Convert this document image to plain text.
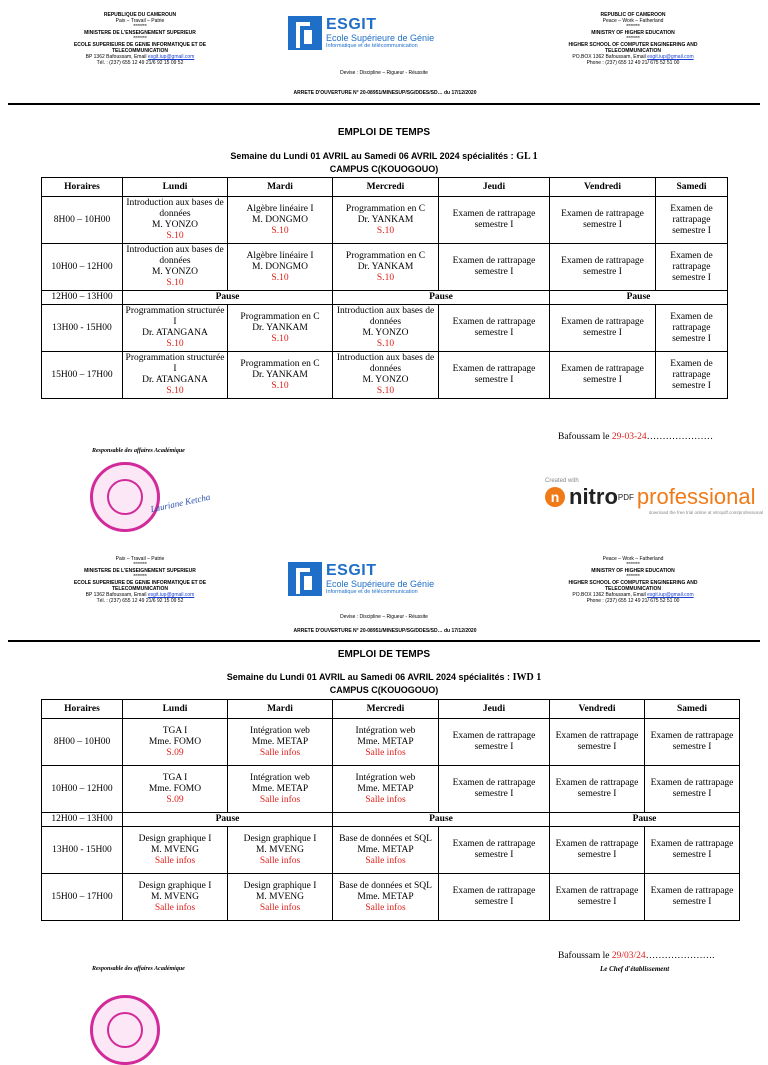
REPUBLIQUE DU CAMEROUN
Paix – Travail – Patrie
*******
MINISTERE DE L'ENSEIGNEMENT SUPERIEUR
*******
ECOLE SUPERIEURE DE GENIE INFORMATIQUE ET DE
TELECOMMUNICATION
BP 1362 Bafoussam, Email esgit.iup@gmail.com
Tél. : (237) 655 12 49 21/6 92 15 09 52
ESGIT
Ecole Supérieure de Génie
Informatique et de télécommunication
Devise : Discipline – Rigueur - Réussite
REPUBLIC OF CAMEROON
Peace – Work – Fatherland
*******
MINISTRY OF HIGHER EDUCATION
*******
HIGHER SCHOOL OF COMPUTER ENGINEERING AND
TELECOMMUNICATION
PO.BOX 1362 Bafoussam, Email esgit.iup@gmail.com
Phone : (237) 655 12 49 21/ 675 52 51 00
ARRETE D'OUVERTURE N° 20-08951/MINESUP/SG/DDES/SD… du 17/12/2020
EMPLOI DE TEMPS
Semaine du Lundi 01 AVRIL au Samedi 06 AVRIL 2024 spécialités : GL 1
CAMPUS C(KOUOGOUO)
Horaires	Lundi	Mardi	Mercredi	Jeudi	Vendredi	Samedi
8H00 – 10H00	Introduction aux bases de données
M. YONZO
S.10	Algèbre linéaire I
M. DONGMO
S.10	Programmation en C
Dr. YANKAM
S.10	Examen de rattrapage semestre I	Examen de rattrapage semestre I	Examen de rattrapage semestre I

10H00 – 12H00	Introduction aux bases de données
M. YONZO
S.10	Algèbre linéaire I
M. DONGMO
S.10	Programmation en C
Dr. YANKAM
S.10	Examen de rattrapage semestre I	Examen de rattrapage semestre I	Examen de rattrapage semestre I

12H00 – 13H00	Pause		Pause		Pause	
13H00 - 15H00	Programmation structurée I
Dr. ATANGANA
S.10	Programmation en C
Dr. YANKAM
S.10	Introduction aux bases de données
M. YONZO
S.10	Examen de rattrapage semestre I	Examen de rattrapage semestre I	Examen de rattrapage semestre I

15H00 – 17H00	Programmation structurée I
Dr. ATANGANA
S.10	Programmation en C
Dr. YANKAM
S.10	Introduction aux bases de données
M. YONZO
S.10	Examen de rattrapage semestre I	Examen de rattrapage semestre I	Examen de rattrapage semestre I
Bafoussam le 29-03-24…………………
Responsable des affaires Académique
Lauriane Ketcha
Created with
n nitro PDF professional
download the free trial online at nitropdf.com/professional
Paix – Travail – Patrie
*******
MINISTERE DE L'ENSEIGNEMENT SUPERIEUR
*******
ECOLE SUPERIEURE DE GENIE INFORMATIQUE ET DE
TELECOMMUNICATION
BP 1362 Bafoussam, Email esgit.iup@gmail.com
Tél. : (237) 655 12 49 21/6 92 15 09 52
ESGIT
Ecole Supérieure de Génie
Informatique et de télécommunication
Devise : Discipline – Rigueur - Réussite
Peace – Work – Fatherland
*******
MINISTRY OF HIGHER EDUCATION
*******
HIGHER SCHOOL OF COMPUTER ENGINEERING AND
TELECOMMUNICATION
PO.BOX 1362 Bafoussam, Email esgit.iup@gmail.com
Phone : (237) 655 12 49 21/ 675 52 51 00
ARRETE D'OUVERTURE N° 20-08951/MINESUP/SG/DDES/SD… du 17/12/2020
EMPLOI DE TEMPS
Semaine du Lundi 01 AVRIL au Samedi 06 AVRIL 2024 spécialités : IWD 1
CAMPUS C(KOUOGOUO)
Horaires	Lundi	Mardi	Mercredi	Jeudi	Vendredi	Samedi
8H00 – 10H00	TGA I
Mme. FOMO
S.09	Intégration web
Mme. METAP
Salle infos	Intégration web
Mme. METAP
Salle infos	Examen de rattrapage semestre I	Examen de rattrapage semestre I	Examen de rattrapage semestre I

10H00 – 12H00	TGA I
Mme. FOMO
S.09	Intégration web
Mme. METAP
Salle infos	Intégration web
Mme. METAP
Salle infos	Examen de rattrapage semestre I	Examen de rattrapage semestre I	Examen de rattrapage semestre I

12H00 – 13H00	Pause		Pause		Pause	
13H00 - 15H00	Design graphique I
M. MVENG
Salle infos	Design graphique I
M. MVENG
Salle infos	Base de données et SQL
Mme. METAP
Salle infos	Examen de rattrapage semestre I	Examen de rattrapage semestre I	Examen de rattrapage semestre I

15H00 – 17H00	Design graphique I
M. MVENG
Salle infos	Design graphique I
M. MVENG
Salle infos	Base de données et SQL
Mme. METAP
Salle infos	Examen de rattrapage semestre I	Examen de rattrapage semestre I	Examen de rattrapage semestre I
Bafoussam le 29/03/24………………….
Le Chef d'établissement
Responsable des affaires Académique
